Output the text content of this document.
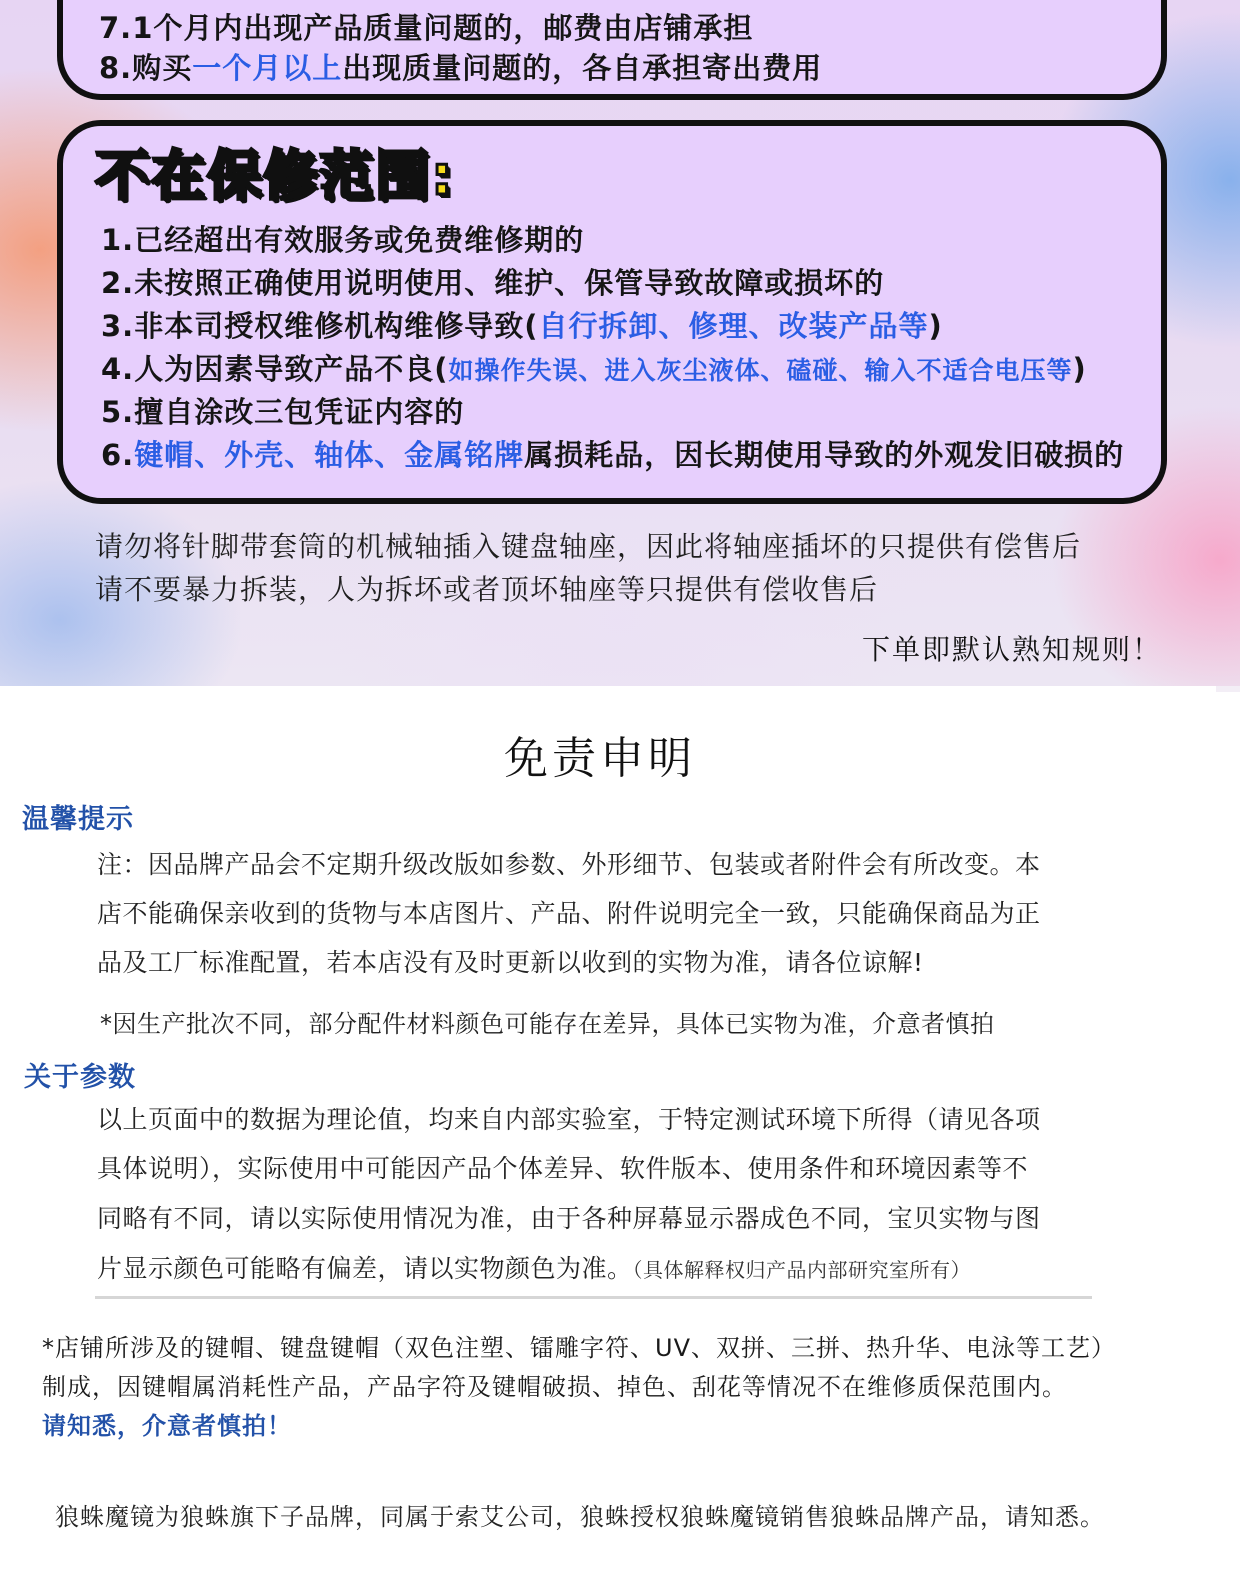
7.1个月内出现产品质量问题的，邮费由店铺承担
8.购买一个月以上出现质量问题的，各自承担寄出费用
不在保修范围:
1.已经超出有效服务或免费维修期的
2.未按照正确使用说明使用、维护、保管导致故障或损坏的
3.非本司授权维修机构维修导致(自行拆卸、修理、改装产品等)
4.人为因素导致产品不良(如操作失误、进入灰尘液体、磕碰、输入不适合电压等)
5.擅自涂改三包凭证内容的
6.键帽、外壳、轴体、金属铭牌属损耗品，因长期使用导致的外观发旧破损的
请勿将针脚带套筒的机械轴插入键盘轴座，因此将轴座插坏的只提供有偿售后
请不要暴力拆装，人为拆坏或者顶坏轴座等只提供有偿收售后
下单即默认熟知规则！
免责申明
温馨提示
注：因品牌产品会不定期升级改版如参数、外形细节、包装或者附件会有所改变。本
店不能确保亲收到的货物与本店图片、产品、附件说明完全一致，只能确保商品为正
品及工厂标准配置，若本店没有及时更新以收到的实物为准，请各位谅解!
*因生产批次不同，部分配件材料颜色可能存在差异，具体已实物为准，介意者慎拍
关于参数
以上页面中的数据为理论值，均来自内部实验室，于特定测试环境下所得（请见各项
具体说明），实际使用中可能因产品个体差异、软件版本、使用条件和环境因素等不
同略有不同，请以实际使用情况为准，由于各种屏幕显示器成色不同，宝贝实物与图
片显示颜色可能略有偏差，请以实物颜色为准。（具体解释权归产品内部研究室所有）
*店铺所涉及的键帽、键盘键帽（双色注塑、镭雕字符、UV、双拼、三拼、热升华、电泳等工艺）
制成，因键帽属消耗性产品，产品字符及键帽破损、掉色、刮花等情况不在维修质保范围内。
请知悉，介意者慎拍！
狼蛛魔镜为狼蛛旗下子品牌，同属于索艾公司，狼蛛授权狼蛛魔镜销售狼蛛品牌产品，请知悉。
